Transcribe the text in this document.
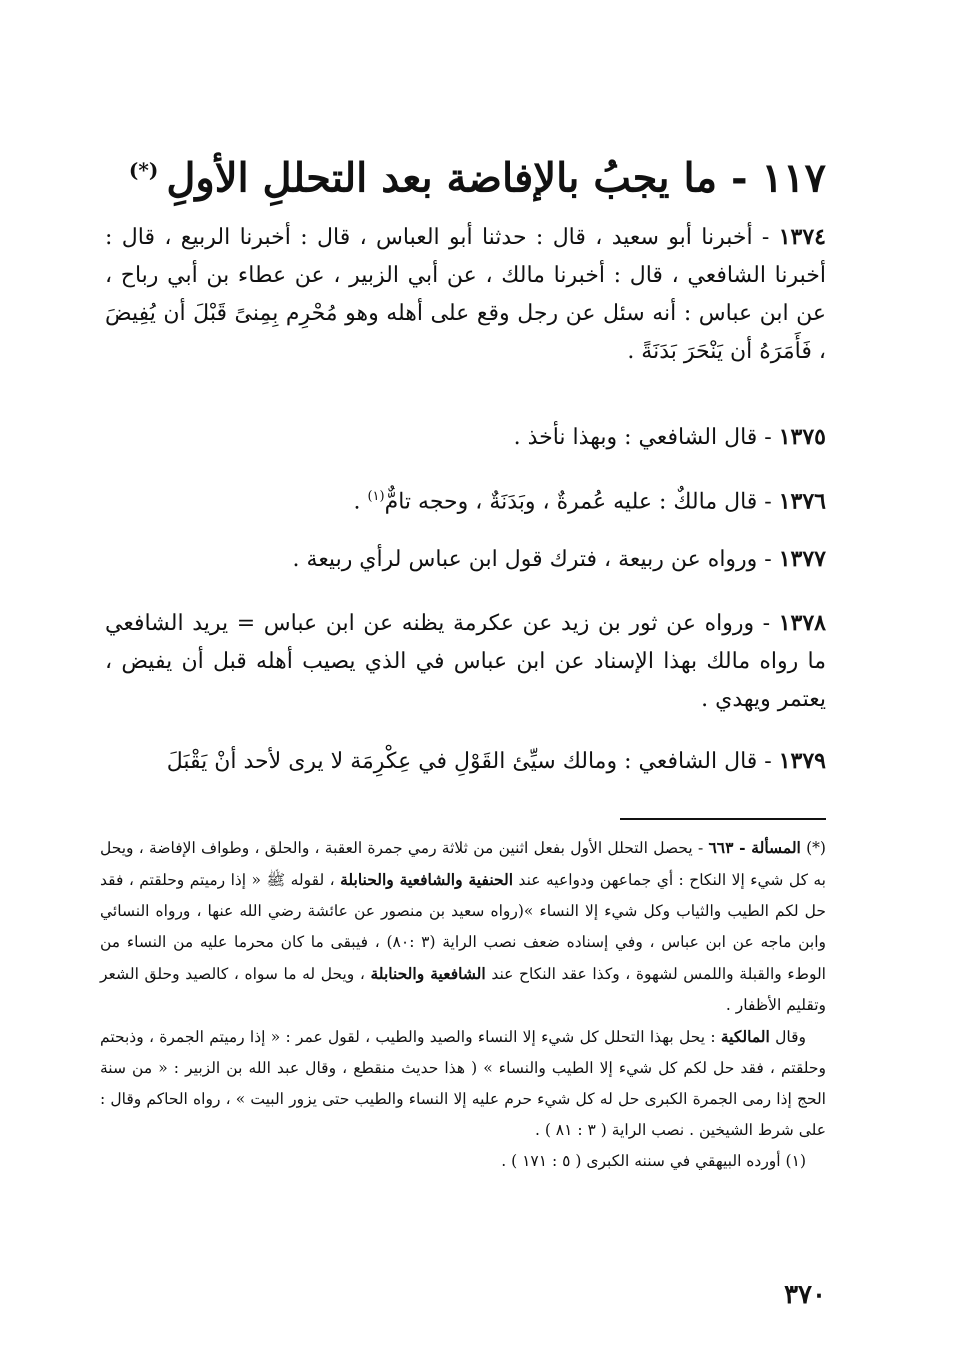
١١٧ - ما يجبُ بالإفاضة بعد التحللِ الأولِ(*)

١٣٧٤ - أخبرنا أبو سعيد ، قال : حدثنا أبو العباس ، قال : أخبرنا الربيع ، قال : أخبرنا الشافعي ، قال : أخبرنا مالك ، عن أبي الزبير ، عن عطاء بن أبي رباح ، عن ابن عباس : أنه سئل عن رجل وقع على أهله وهو مُحْرِم بِمِنىً قَبْلَ أن يُفِيضَ ، فَأَمَرَهُ أن يَنْحَرَ بَدَنَةً .

١٣٧٥ - قال الشافعي : وبهذا نأخذ .

١٣٧٦ - قال مالكٌ : عليه عُمرةٌ ، وبَدَنَةٌ ، وحجه تامٌّ$^{(١)}$ .

١٣٧٧ - ورواه عن ربيعة ، فترك قول ابن عباس لرأي ربيعة .

١٣٧٨ - ورواه عن ثور بن زيد عن عكرمة يظنه عن ابن عباس = يريد الشافعي ما رواه مالك بهذا الإسناد عن ابن عباس في الذي يصيب أهله قبل أن يفيض ، يعتمر ويهدي .

١٣٧٩ - قال الشافعي : ومالك سيِّئ القَوْلِ في عِكْرِمَة لا يرى لأحد أنْ يَقْبَلَ

(*) المسألة - ٦٦٣ - يحصل التحلل الأول بفعل اثنين من ثلاثة رمي جمرة العقبة ، والحلق ، وطواف الإفاضة ، ويحل به كل شيء إلا النكاح : أي جماعهن ودواعيه عند الحنفية والشافعية والحنابلة ، لقوله ﷺ « إذا رميتم وحلقتم ، فقد حل لكم الطيب والثياب وكل شيء إلا النساء »(رواه سعيد بن منصور عن عائشة رضي الله عنها ، ورواه النسائي وابن ماجه عن ابن عباس ، وفي إسناده ضعف نصب الراية (٣ :٨٠) ، فيبقى ما كان محرما عليه من النساء من الوطء والقبلة واللمس لشهوة ، وكذا عقد النكاح عند الشافعية والحنابلة ، ويحل له ما سواه ، كالصيد وحلق الشعر وتقليم الأظفار .

وقال المالكية : يحل بهذا التحلل كل شيء إلا النساء والصيد والطيب ، لقول عمر : « إذا رميتم الجمرة ، وذبحتم وحلقتم ، فقد حل لكم كل شيء إلا الطيب والنساء » ( هذا حديث منقطع ، وقال عبد الله بن الزبير : « من سنة الحج إذا رمى الجمرة الكبرى حل له كل شيء حرم عليه إلا النساء والطيب حتى يزور البيت » ، رواه الحاكم وقال : على شرط الشيخين . نصب الراية ( ٣ : ٨١ ) .

(١) أورده البيهقي في سننه الكبرى ( ٥ : ١٧١ ) .

٣٧٠
